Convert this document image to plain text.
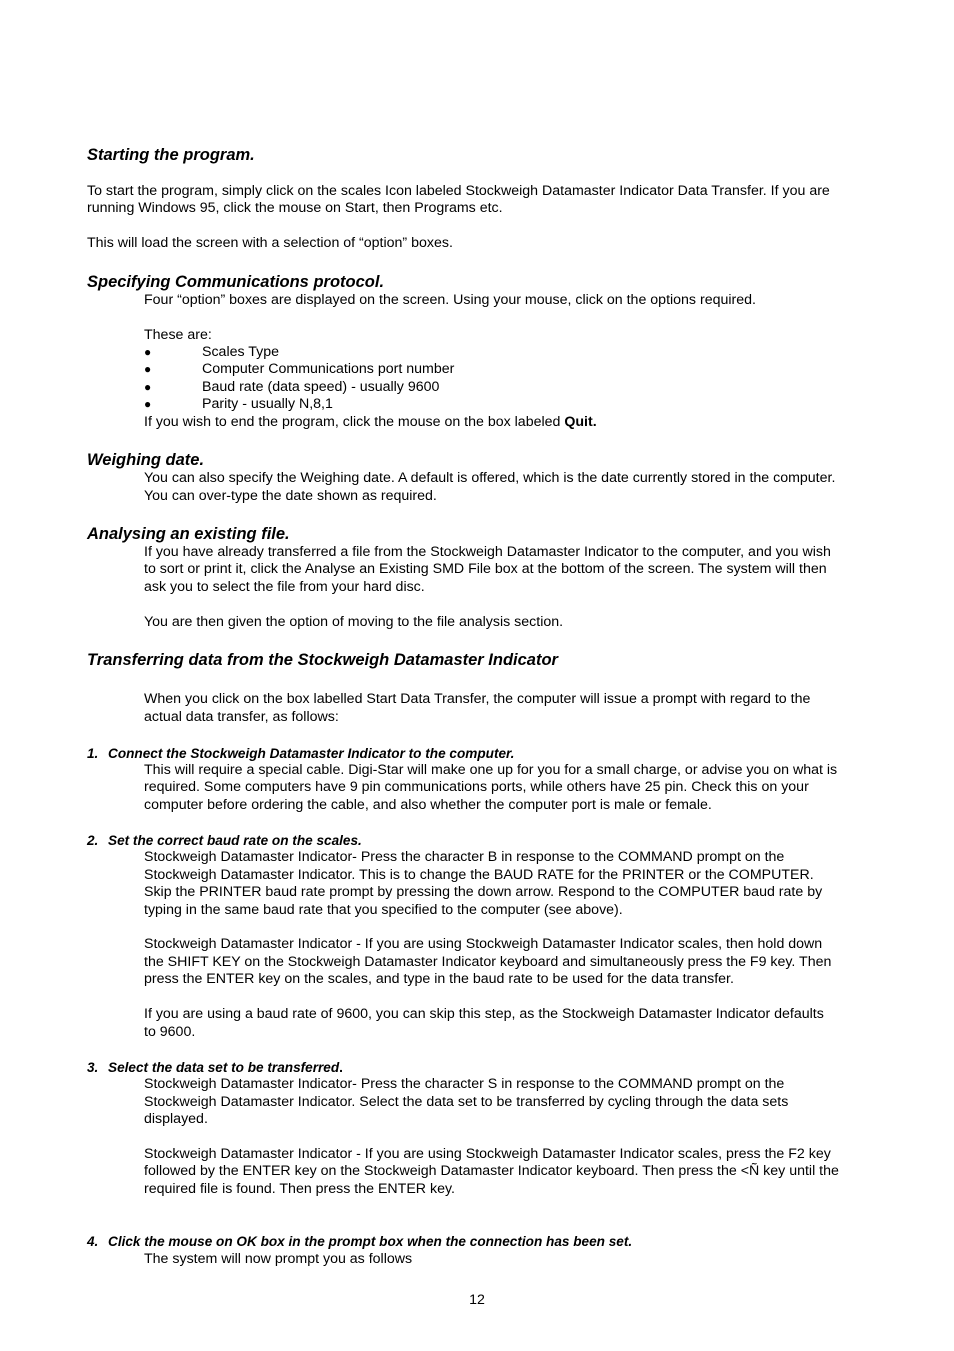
Starting the program.
To start the program, simply click on the scales Icon labeled Stockweigh Datamaster Indicator Data Transfer. If you are
running Windows 95, click the mouse on Start, then Programs etc.
This will load the screen with a selection of “option” boxes.
Specifying Communications protocol.
Four “option” boxes are displayed on the screen. Using your mouse, click on the options required.
These are:
●	Scales Type
●	Computer Communications port number
●	Baud rate (data speed) - usually 9600
●	Parity - usually N,8,1
If you wish to end the program, click the mouse on the box labeled Quit.
Weighing date.
You can also specify the Weighing date. A default is offered, which is the date currently stored in the computer.
You can over-type the date shown as required.
Analysing an existing file.
If you have already transferred a file from the Stockweigh Datamaster Indicator to the computer, and you wish
to sort or print it, click the Analyse an Existing SMD File box at the bottom of the screen. The system will then
ask you to select the file from your hard disc.
You are then given the option of moving to the file analysis section.
Transferring data from the Stockweigh Datamaster Indicator
When you click on the box labelled Start Data Transfer, the computer will issue a prompt with regard to the
actual data transfer, as follows:
1. Connect the Stockweigh Datamaster Indicator to the computer.
This will require a special cable. Digi-Star will make one up for you for a small charge, or advise you on what is
required. Some computers have 9 pin communications ports, while others have 25 pin. Check this on your
computer before ordering the cable, and also whether the computer port is male or female.
2. Set the correct baud rate on the scales.
Stockweigh Datamaster Indicator- Press the character B in response to the COMMAND prompt on the
Stockweigh Datamaster Indicator. This is to change the BAUD RATE for the PRINTER or the COMPUTER.
Skip the PRINTER baud rate prompt by pressing the down arrow. Respond to the COMPUTER baud rate by
typing in the same baud rate that you specified to the computer (see above).
Stockweigh Datamaster Indicator - If you are using Stockweigh Datamaster Indicator scales, then hold down
the SHIFT KEY on the Stockweigh Datamaster Indicator keyboard and simultaneously press the F9 key. Then
press the ENTER key on the scales, and type in the baud rate to be used for the data transfer.
If you are using a baud rate of 9600, you can skip this step, as the Stockweigh Datamaster Indicator defaults
to 9600.
3. Select the data set to be transferred.
Stockweigh Datamaster Indicator- Press the character S in response to the COMMAND prompt on the
Stockweigh Datamaster Indicator. Select the data set to be transferred by cycling through the data sets
displayed.
Stockweigh Datamaster Indicator - If you are using Stockweigh Datamaster Indicator scales, press the F2 key
followed by the ENTER key on the Stockweigh Datamaster Indicator keyboard. Then press the <Ñ key until the
required file is found. Then press the ENTER key.
4. Click the mouse on OK box in the prompt box when the connection has been set.
The system will now prompt you as follows
12
